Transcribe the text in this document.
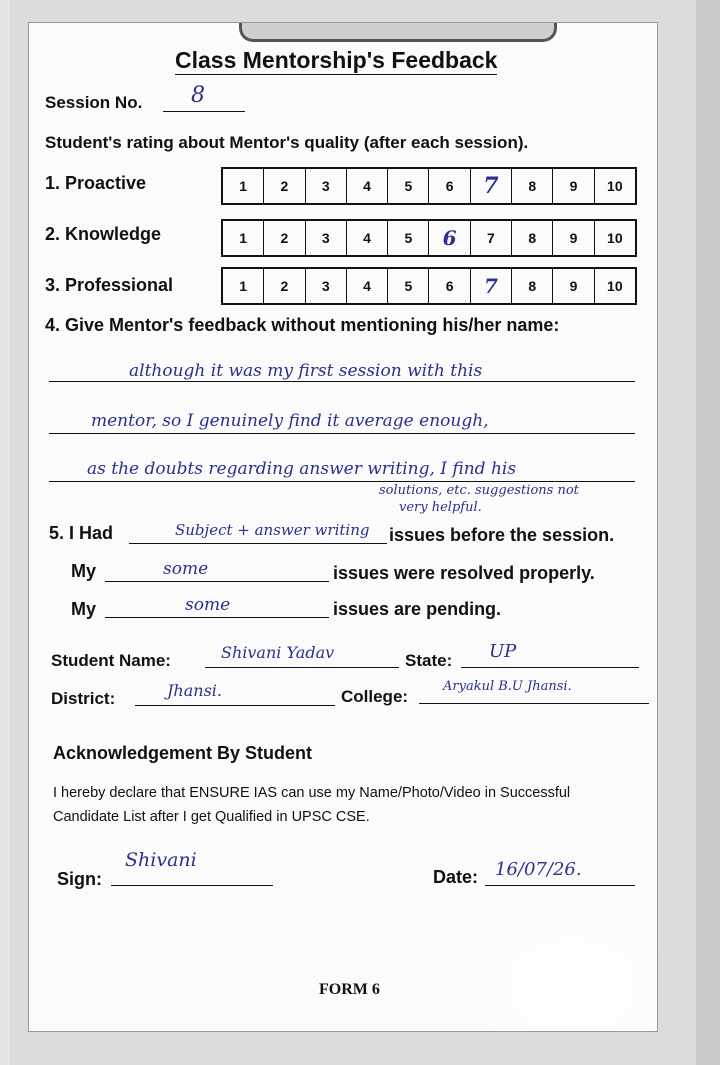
Class Mentorship's Feedback
Session No. 8
Student's rating about Mentor's quality (after each session).
1. Proactive	1	2	3	4	5	6	7	8	9	10
2. Knowledge	1	2	3	4	5	6	7	8	9	10
3. Professional	1	2	3	4	5	6	7	8	9	10
4. Give Mentor's feedback without mentioning his/her name:
although it was my first session with this
mentor, so I genuinely find it average enough,
as the doubts regarding answer writing, I find his
solutions, etc. suggestions not
very helpful.
5. I Had	Subject + answer writing issues before the session.
My	some	issues were resolved properly.
My	some	issues are pending.
Student Name:	Shivani Yadav	State: UP
District:	Jhansi.	College:
Aryakul B.U Jhansi.
Acknowledgement By Student
I hereby declare that ENSURE IAS can use my Name/Photo/Video in Successful
Candidate List after I get Qualified in UPSC CSE.
Sign:
Shivani
Date: 16/07/26.
FORM 6
